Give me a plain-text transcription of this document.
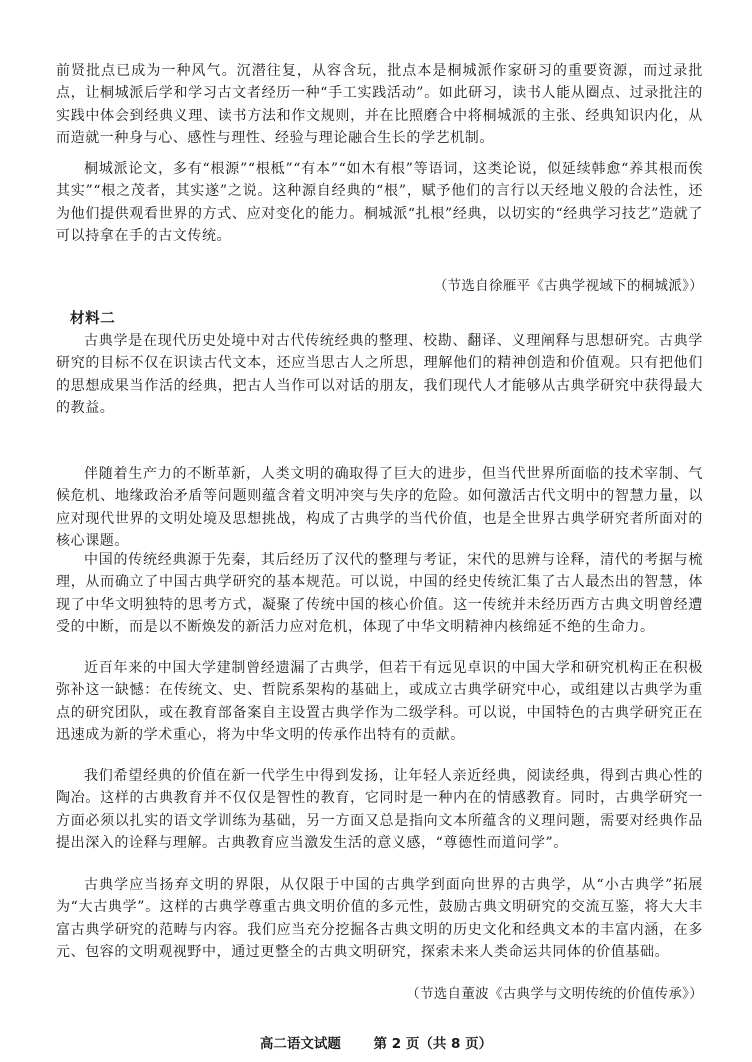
前贤批点已成为一种风气。沉潜往复，从容含玩，批点本是桐城派作家研习的重要资源，而过录批点，让桐城派后学和学习古文者经历一种“手工实践活动”。如此研习，读书人能从圈点、过录批注的实践中体会到经典义理、读书方法和作文规则，并在比照磨合中将桐城派的主张、经典知识内化，从而造就一种身与心、感性与理性、经验与理论融合生长的学艺机制。

桐城派论文，多有“根源”“根柢”“有本”“如木有根”等语词，这类论说，似延续韩愈“养其根而俟其实”“根之茂者，其实遂”之说。这种源自经典的“根”，赋予他们的言行以天经地义般的合法性，还为他们提供观看世界的方式、应对变化的能力。桐城派“扎根”经典，以切实的“经典学习技艺”造就了可以持拿在手的古文传统。

（节选自徐雁平《古典学视域下的桐城派》）

材料二

古典学是在现代历史处境中对古代传统经典的整理、校勘、翻译、义理阐释与思想研究。古典学研究的目标不仅在识读古代文本，还应当思古人之所思，理解他们的精神创造和价值观。只有把他们的思想成果当作活的经典，把古人当作可以对话的朋友，我们现代人才能够从古典学研究中获得最大的教益。

伴随着生产力的不断革新，人类文明的确取得了巨大的进步，但当代世界所面临的技术宰制、气候危机、地缘政治矛盾等问题则蕴含着文明冲突与失序的危险。如何激活古代文明中的智慧力量，以应对现代世界的文明处境及思想挑战，构成了古典学的当代价值，也是全世界古典学研究者所面对的核心课题。

中国的传统经典源于先秦，其后经历了汉代的整理与考证，宋代的思辨与诠释，清代的考据与梳理，从而确立了中国古典学研究的基本规范。可以说，中国的经史传统汇集了古人最杰出的智慧，体现了中华文明独特的思考方式，凝聚了传统中国的核心价值。这一传统并未经历西方古典文明曾经遭受的中断，而是以不断焕发的新活力应对危机，体现了中华文明精神内核绵延不绝的生命力。

近百年来的中国大学建制曾经遗漏了古典学，但若干有远见卓识的中国大学和研究机构正在积极弥补这一缺憾：在传统文、史、哲院系架构的基础上，或成立古典学研究中心，或组建以古典学为重点的研究团队，或在教育部备案自主设置古典学作为二级学科。可以说，中国特色的古典学研究正在迅速成为新的学术重心，将为中华文明的传承作出特有的贡献。

我们希望经典的价值在新一代学生中得到发扬，让年轻人亲近经典，阅读经典，得到古典心性的陶冶。这样的古典教育并不仅仅是智性的教育，它同时是一种内在的情感教育。同时，古典学研究一方面必须以扎实的语文学训练为基础，另一方面又总是指向文本所蕴含的义理问题，需要对经典作品提出深入的诠释与理解。古典教育应当激发生活的意义感，“尊德性而道问学”。

古典学应当扬弃文明的界限，从仅限于中国的古典学到面向世界的古典学，从“小古典学”拓展为“大古典学”。这样的古典学尊重古典文明价值的多元性，鼓励古典文明研究的交流互鉴，将大大丰富古典学研究的范畴与内容。我们应当充分挖掘各古典文明的历史文化和经典文本的丰富内涵，在多元、包容的文明观视野中，通过更整全的古典文明研究，探索未来人类命运共同体的价值基础。

（节选自董波《古典学与文明传统的价值传承》）

高二语文试题 第 2 页（共 8 页）
